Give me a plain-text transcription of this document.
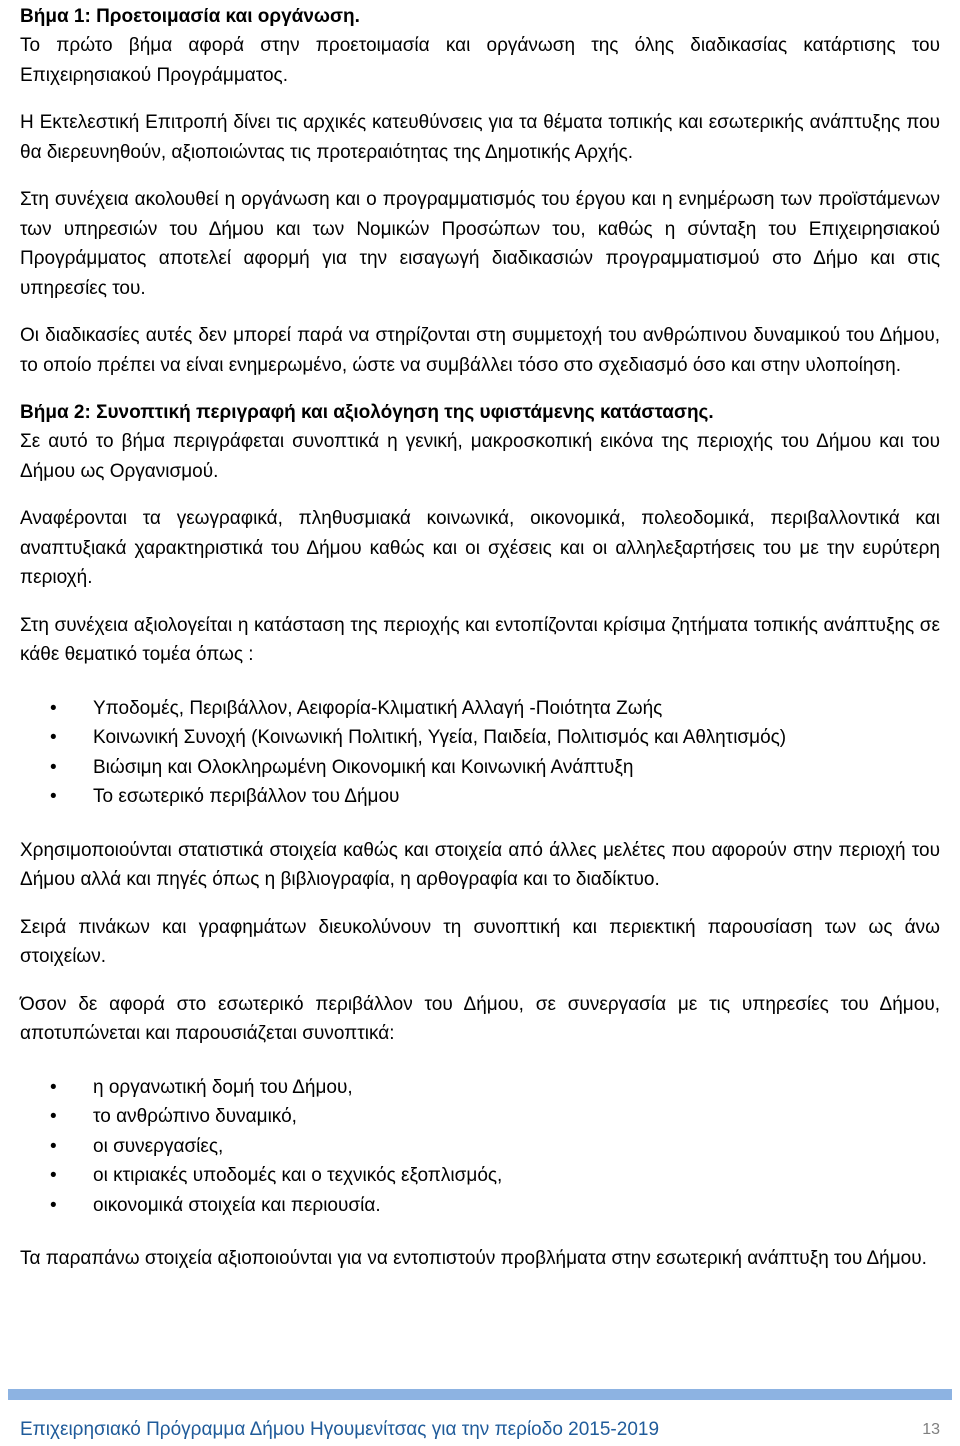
Βήμα 1: Προετοιμασία και οργάνωση.

Το πρώτο βήμα αφορά στην προετοιμασία και οργάνωση της όλης διαδικασίας κατάρτισης του Επιχειρησιακού Προγράμματος.

Η Εκτελεστική Επιτροπή δίνει τις αρχικές κατευθύνσεις για τα θέματα τοπικής και εσωτερικής ανάπτυξης που θα διερευνηθούν, αξιοποιώντας τις προτεραιότητας της Δημοτικής Αρχής.

Στη συνέχεια ακολουθεί η οργάνωση και ο προγραμματισμός του έργου και η ενημέρωση των προϊστάμενων των υπηρεσιών του Δήμου και των Νομικών Προσώπων του, καθώς η σύνταξη του Επιχειρησιακού Προγράμματος αποτελεί αφορμή για την εισαγωγή διαδικασιών προγραμματισμού στο Δήμο και στις υπηρεσίες του.

Οι διαδικασίες αυτές δεν μπορεί παρά να στηρίζονται στη συμμετοχή του ανθρώπινου δυναμικού του Δήμου, το οποίο πρέπει να είναι ενημερωμένο, ώστε να συμβάλλει τόσο στο σχεδιασμό όσο και στην υλοποίηση.

Βήμα 2: Συνοπτική περιγραφή και αξιολόγηση της υφιστάμενης κατάστασης.

Σε αυτό το βήμα περιγράφεται συνοπτικά η γενική, μακροσκοπική εικόνα της περιοχής του Δήμου και του Δήμου ως Οργανισμού.

Αναφέρονται τα γεωγραφικά, πληθυσμιακά κοινωνικά, οικονομικά, πολεοδομικά, περιβαλλοντικά και αναπτυξιακά χαρακτηριστικά του Δήμου καθώς και οι σχέσεις και οι αλληλεξαρτήσεις του με την ευρύτερη περιοχή.

Στη συνέχεια αξιολογείται η κατάσταση της περιοχής και εντοπίζονται κρίσιμα ζητήματα τοπικής ανάπτυξης σε κάθε θεματικό τομέα όπως :

• Υποδομές, Περιβάλλον, Αειφορία-Κλιματική Αλλαγή -Ποιότητα Ζωής
• Κοινωνική Συνοχή (Κοινωνική Πολιτική, Υγεία, Παιδεία, Πολιτισμός και Αθλητισμός)
• Βιώσιμη και Ολοκληρωμένη Οικονομική και Κοινωνική Ανάπτυξη
• Το εσωτερικό περιβάλλον του Δήμου

Χρησιμοποιούνται στατιστικά στοιχεία καθώς και στοιχεία από άλλες μελέτες που αφορούν στην περιοχή του Δήμου αλλά και πηγές όπως η βιβλιογραφία, η αρθογραφία και το διαδίκτυο.

Σειρά πινάκων και γραφημάτων διευκολύνουν τη συνοπτική και περιεκτική παρουσίαση των ως άνω στοιχείων.

Όσον δε αφορά στο εσωτερικό περιβάλλον του Δήμου, σε συνεργασία με τις υπηρεσίες του Δήμου, αποτυπώνεται και παρουσιάζεται συνοπτικά:

• η οργανωτική δομή του Δήμου,
• το ανθρώπινο δυναμικό,
• οι συνεργασίες,
• οι κτιριακές υποδομές και ο τεχνικός εξοπλισμός,
• οικονομικά στοιχεία και περιουσία.

Τα παραπάνω στοιχεία αξιοποιούνται για να εντοπιστούν προβλήματα στην εσωτερική ανάπτυξη του Δήμου.

Επιχειρησιακό Πρόγραμμα Δήμου Ηγουμενίτσας για την περίοδο 2015-2019	13
